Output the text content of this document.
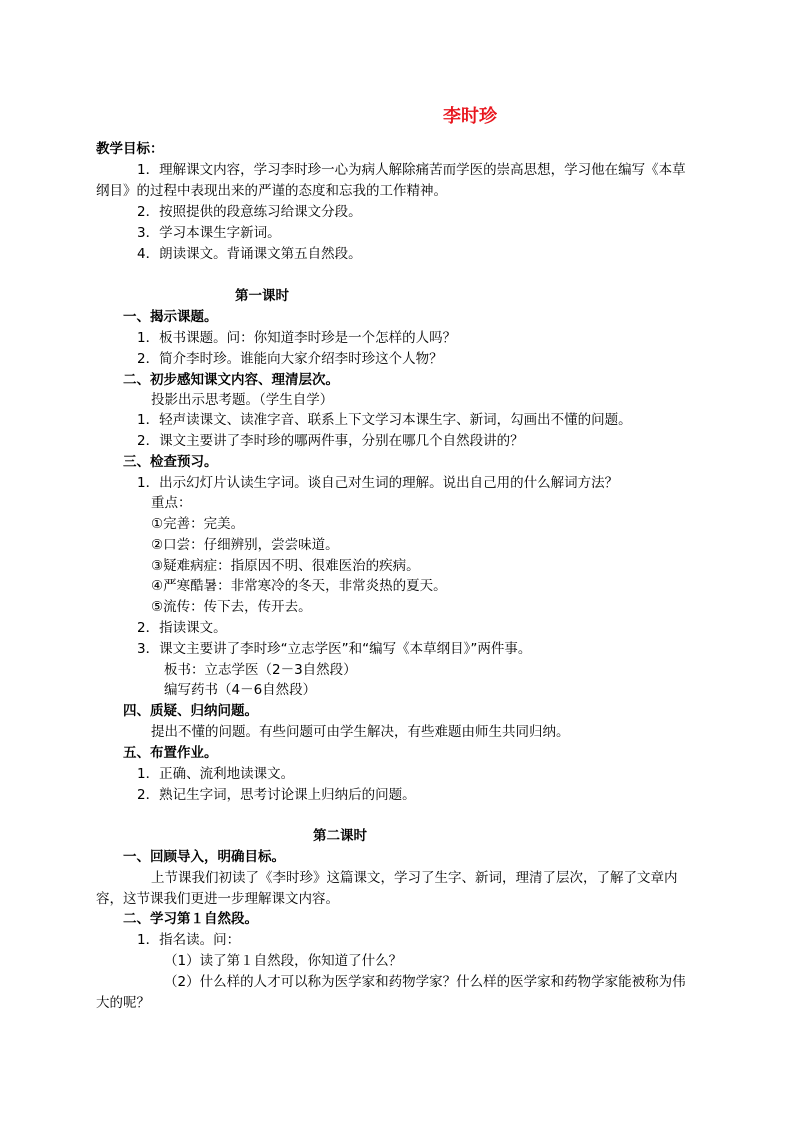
李时珍
教学目标：
1．理解课文内容，学习李时珍一心为病人解除痛苦而学医的崇高思想，学习他在编写《本草
纲目》的过程中表现出来的严谨的态度和忘我的工作精神。
2．按照提供的段意练习给课文分段。
3．学习本课生字新词。
4．朗读课文。背诵课文第五自然段。
第一课时
一、揭示课题。
1．板书课题。问：你知道李时珍是一个怎样的人吗？
2．简介李时珍。谁能向大家介绍李时珍这个人物？
二、初步感知课文内容、理清层次。
投影出示思考题。（学生自学）
1．轻声读课文、读准字音、联系上下文学习本课生字、新词，勾画出不懂的问题。
2．课文主要讲了李时珍的哪两件事，分别在哪几个自然段讲的？
三、检查预习。
1．出示幻灯片认读生字词。谈自己对生词的理解。说出自己用的什么解词方法？
重点：
①完善：完美。
②口尝：仔细辨别，尝尝味道。
③疑难病症：指原因不明、很难医治的疾病。
④严寒酷暑：非常寒冷的冬天，非常炎热的夏天。
⑤流传：传下去，传开去。
2．指读课文。
3．课文主要讲了李时珍“立志学医”和“编写《本草纲目》”两件事。
板书：立志学医（2－3自然段）
编写药书（4－6自然段）
四、质疑、归纳问题。
提出不懂的问题。有些问题可由学生解决，有些难题由师生共同归纳。
五、布置作业。
1．正确、流利地读课文。
2．熟记生字词，思考讨论课上归纳后的问题。
第二课时
一、回顾导入，明确目标。
上节课我们初读了《李时珍》这篇课文，学习了生字、新词，理清了层次，了解了文章内
容，这节课我们更进一步理解课文内容。
二、学习第１自然段。
1．指名读。问：
（1）读了第１自然段，你知道了什么？
（2）什么样的人才可以称为医学家和药物学家？什么样的医学家和药物学家能被称为伟
大的呢？
